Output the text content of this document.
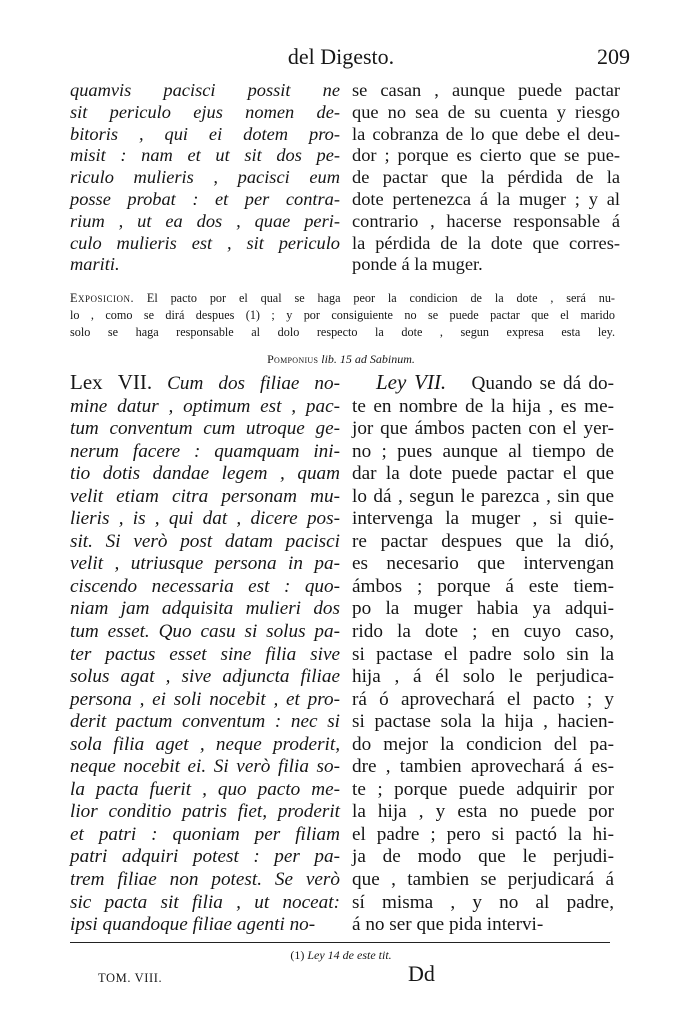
del Digesto.	209
quamvis pacisci possit ne
sit periculo ejus nomen de-
bitoris , qui ei dotem pro-
misit : nam et ut sit dos pe-
riculo mulieris , pacisci eum
posse probat : et per contra-
rium , ut ea dos , quae peri-
culo mulieris est , sit periculo
mariti.
se casan , aunque puede pactar
que no sea de su cuenta y riesgo
la cobranza de lo que debe el deu-
dor ; porque es cierto que se pue-
de pactar que la pérdida de la
dote pertenezca á la muger ; y al
contrario , hacerse responsable á
la pérdida de la dote que corres-
ponde á la muger.
Exposicion. El pacto por el qual se haga peor la condicion de la dote , será nu-
lo , como se dirá despues (1) ; y por consiguiente no se puede pactar que el marido
solo se haga responsable al dolo respecto la dote , segun expresa esta ley.
Pomponius lib. 15 ad Sabinum.
Lex VII. Cum dos filiae no-
mine datur , optimum est , pac-
tum conventum cum utroque ge-
nerum facere : quamquam ini-
tio dotis dandae legem , quam
velit etiam citra personam mu-
lieris , is , qui dat , dicere pos-
sit. Si verò post datam pacisci
velit , utriusque persona in pa-
ciscendo necessaria est : quo-
niam jam adquisita mulieri dos
tum esset. Quo casu si solus pa-
ter pactus esset sine filia sive
solus agat , sive adjuncta filiae
persona , ei soli nocebit , et pro-
derit pactum conventum : nec si
sola filia aget , neque proderit,
neque nocebit ei. Si verò filia so-
la pacta fuerit , quo pacto me-
lior conditio patris fiet, proderit
et patri : quoniam per filiam
patri adquiri potest : per pa-
trem filiae non potest. Se verò
sic pacta sit filia , ut noceat:
ipsi quandoque filiae agenti no-
Ley VII. Quando se dá do-
te en nombre de la hija , es me-
jor que ámbos pacten con el yer-
no ; pues aunque al tiempo de
dar la dote puede pactar el que
lo dá , segun le parezca , sin que
intervenga la muger , si quie-
re pactar despues que la dió,
es necesario que intervengan
ámbos ; porque á este tiem-
po la muger habia ya adqui-
rido la dote ; en cuyo caso,
si pactase el padre solo sin la
hija , á él solo le perjudica-
rá ó aprovechará el pacto ; y
si pactase sola la hija , hacien-
do mejor la condicion del pa-
dre , tambien aprovechará á es-
te ; porque puede adquirir por
la hija , y esta no puede por
el padre ; pero si pactó la hi-
ja de modo que le perjudi-
que , tambien se perjudicará á
sí misma , y no al padre,
á no ser que pida intervi-
(1) Ley 14 de este tit.
TOM. VIII.	Dd
